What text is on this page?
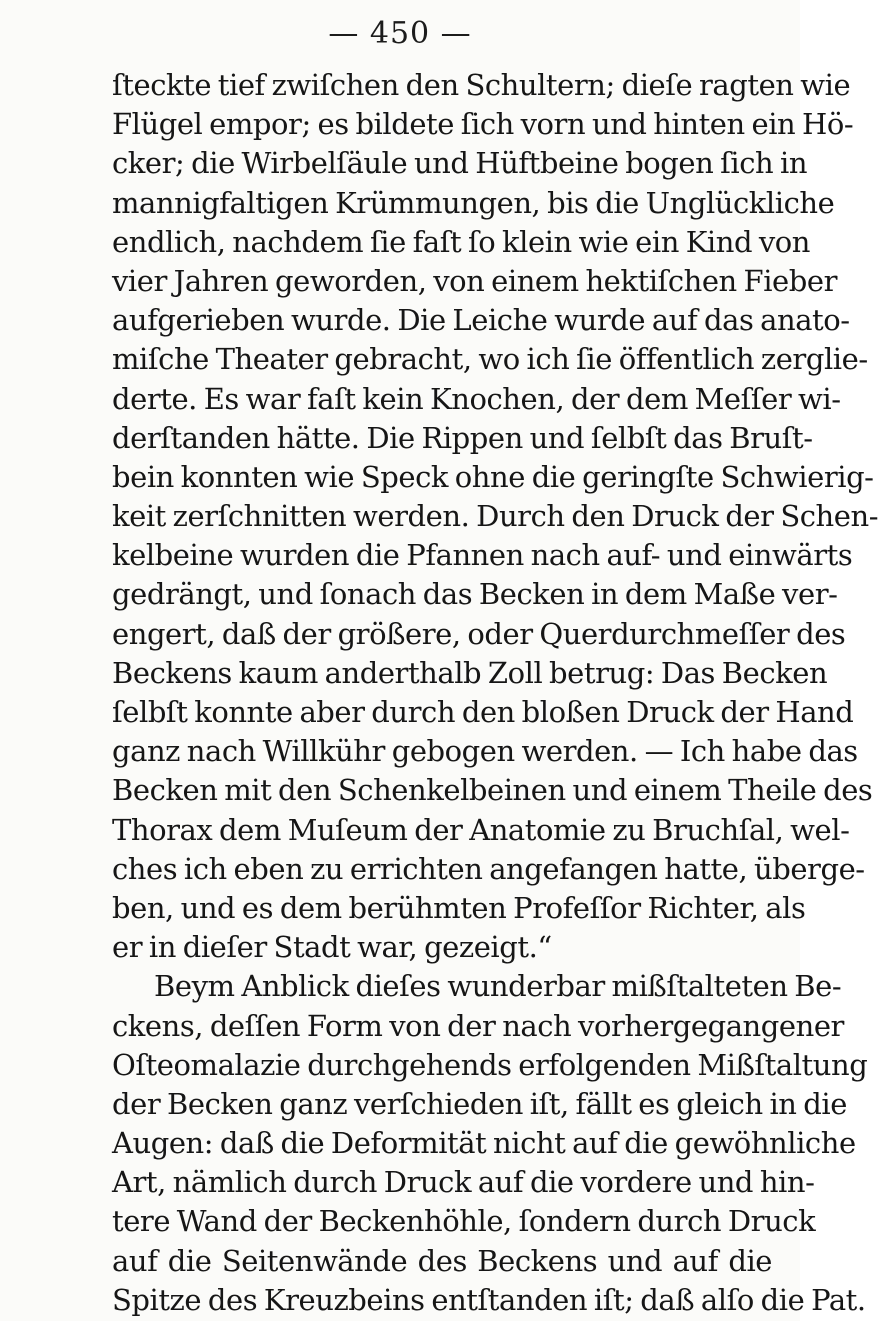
— 450 —
ſteckte tief zwiſchen den Schultern; dieſe ragten wie
Flügel empor; es bildete ſich vorn und hinten ein Hö-
cker; die Wirbelſäule und Hüftbeine bogen ſich in
mannigfaltigen Krümmungen, bis die Unglückliche
endlich, nachdem ſie faſt ſo klein wie ein Kind von
vier Jahren geworden, von einem hektiſchen Fieber
aufgerieben wurde. Die Leiche wurde auf das anato-
miſche Theater gebracht, wo ich ſie öffentlich zerglie-
derte. Es war faſt kein Knochen, der dem Meſſer wi-
derſtanden hätte. Die Rippen und ſelbſt das Bruſt-
bein konnten wie Speck ohne die geringſte Schwierig-
keit zerſchnitten werden. Durch den Druck der Schen-
kelbeine wurden die Pfannen nach auf- und einwärts
gedrängt, und ſonach das Becken in dem Maße ver-
engert, daß der größere, oder Querdurchmeſſer des
Beckens kaum anderthalb Zoll betrug: Das Becken
ſelbſt konnte aber durch den bloßen Druck der Hand
ganz nach Willkühr gebogen werden. — Ich habe das
Becken mit den Schenkelbeinen und einem Theile des
Thorax dem Muſeum der Anatomie zu Bruchſal, wel-
ches ich eben zu errichten angefangen hatte, überge-
ben, und es dem berühmten Profeſſor Richter, als
er in dieſer Stadt war, gezeigt.“
Beym Anblick dieſes wunderbar mißſtalteten Be-
ckens, deſſen Form von der nach vorhergegangener
Oſteomalazie durchgehends erfolgenden Mißſtaltung
der Becken ganz verſchieden iſt, fällt es gleich in die
Augen: daß die Deformität nicht auf die gewöhnliche
Art, nämlich durch Druck auf die vordere und hin-
tere Wand der Beckenhöhle, ſondern durch Druck
auf die Seitenwände des Beckens und auf die
Spitze des Kreuzbeins entſtanden iſt; daß alſo die Pat.
